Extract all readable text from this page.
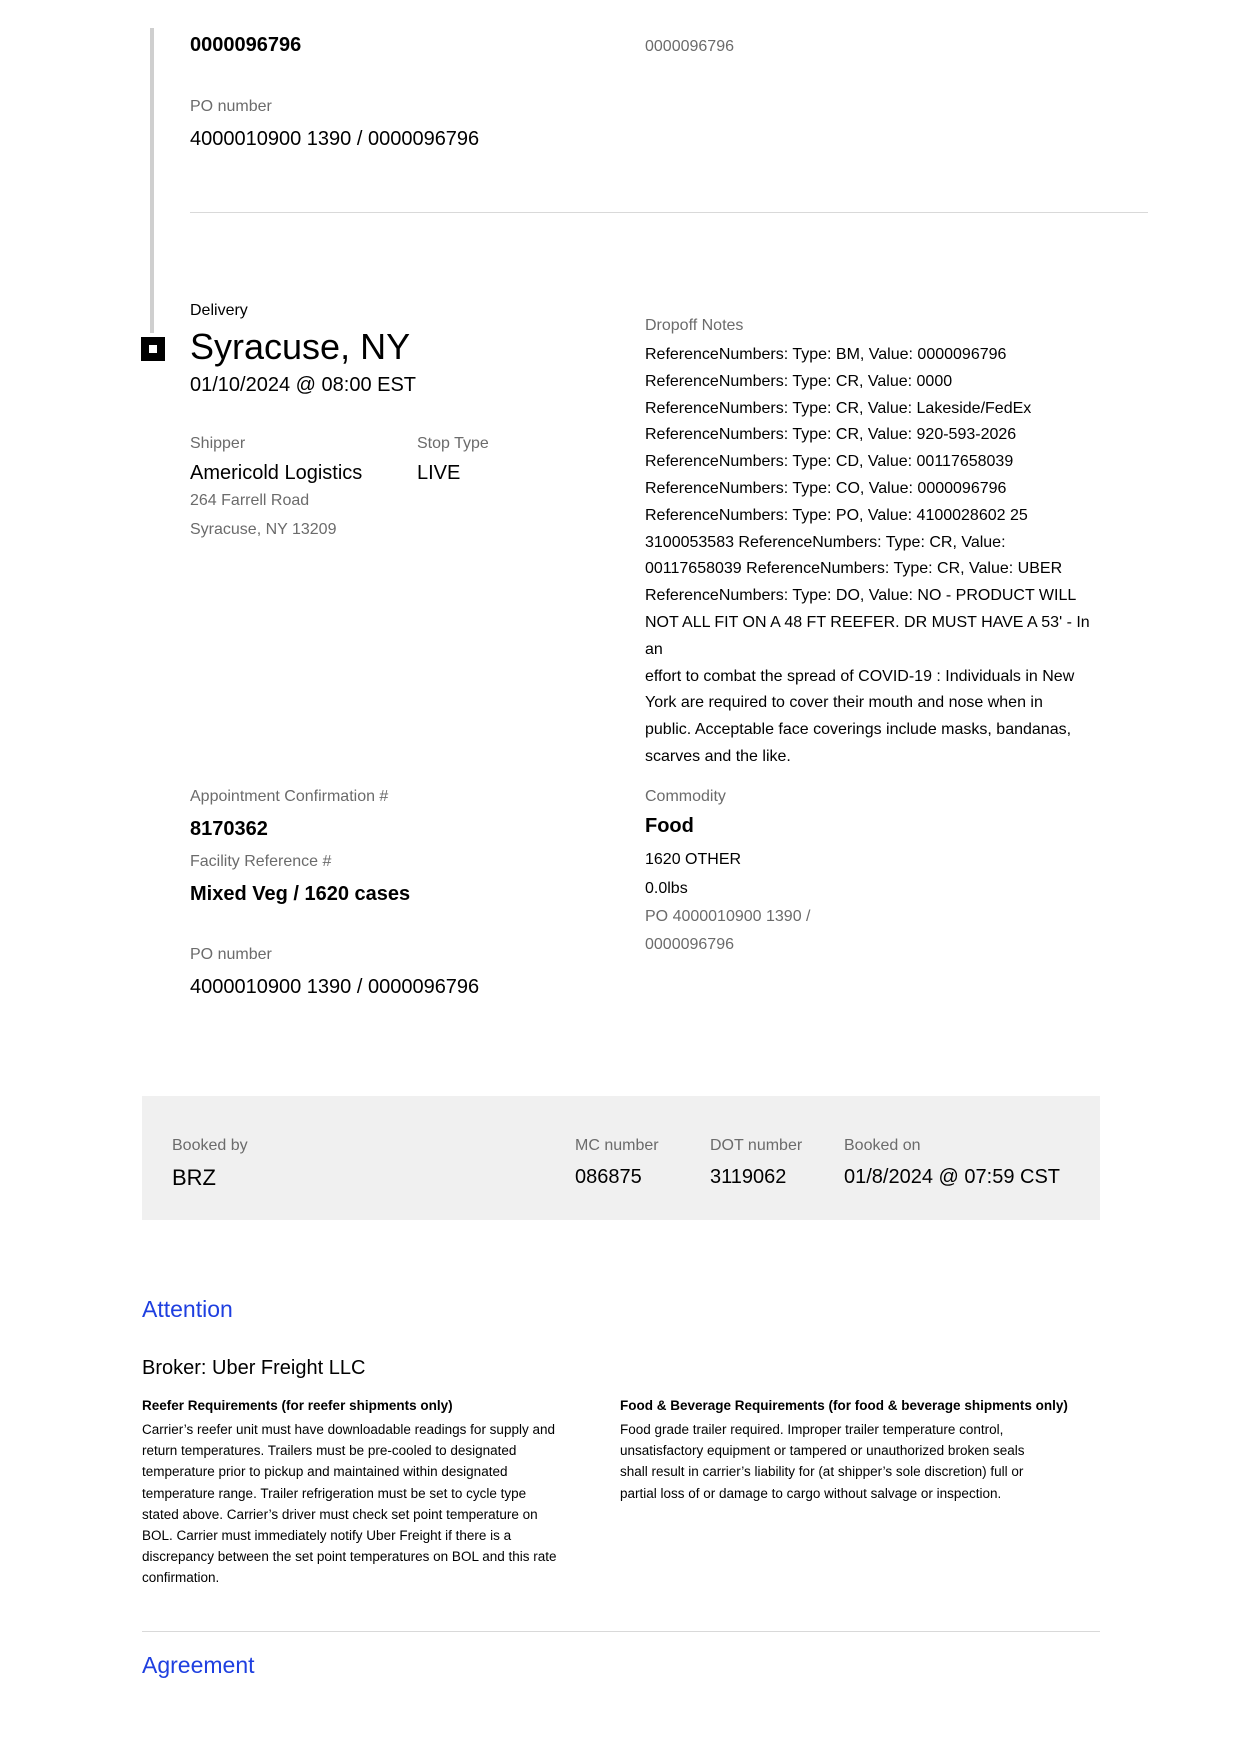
0000096796	0000096796
PO number
4000010900 1390 / 0000096796
Delivery
Syracuse, NY
01/10/2024 @ 08:00 EST
Shipper
Americold Logistics
264 Farrell Road
Syracuse, NY 13209
Stop Type
LIVE
Dropoff Notes
ReferenceNumbers: Type: BM, Value: 0000096796
ReferenceNumbers: Type: CR, Value: 0000
ReferenceNumbers: Type: CR, Value: Lakeside/FedEx
ReferenceNumbers: Type: CR, Value: 920-593-2026
ReferenceNumbers: Type: CD, Value: 00117658039
ReferenceNumbers: Type: CO, Value: 0000096796
ReferenceNumbers: Type: PO, Value: 4100028602 25
3100053583 ReferenceNumbers: Type: CR, Value:
00117658039 ReferenceNumbers: Type: CR, Value: UBER
ReferenceNumbers: Type: DO, Value: NO - PRODUCT WILL
NOT ALL FIT ON A 48 FT REEFER. DR MUST HAVE A 53' - In an
effort to combat the spread of COVID-19 : Individuals in New
York are required to cover their mouth and nose when in
public. Acceptable face coverings include masks, bandanas,
scarves and the like.
Appointment Confirmation #
8170362
Facility Reference #
Mixed Veg / 1620 cases
PO number
4000010900 1390 / 0000096796
Commodity
Food
1620 OTHER
0.0lbs
PO 4000010900 1390 /
0000096796
Booked by
BRZ
MC number
086875
DOT number
3119062
Booked on
01/8/2024 @ 07:59 CST
Attention
Broker: Uber Freight LLC
Reefer Requirements (for reefer shipments only)
Carrier’s reefer unit must have downloadable readings for supply and
return temperatures. Trailers must be pre-cooled to designated
temperature prior to pickup and maintained within designated
temperature range. Trailer refrigeration must be set to cycle type
stated above. Carrier’s driver must check set point temperature on
BOL. Carrier must immediately notify Uber Freight if there is a
discrepancy between the set point temperatures on BOL and this rate
confirmation.
Food & Beverage Requirements (for food & beverage shipments only)
Food grade trailer required. Improper trailer temperature control,
unsatisfactory equipment or tampered or unauthorized broken seals
shall result in carrier’s liability for (at shipper’s sole discretion) full or
partial loss of or damage to cargo without salvage or inspection.
Agreement
